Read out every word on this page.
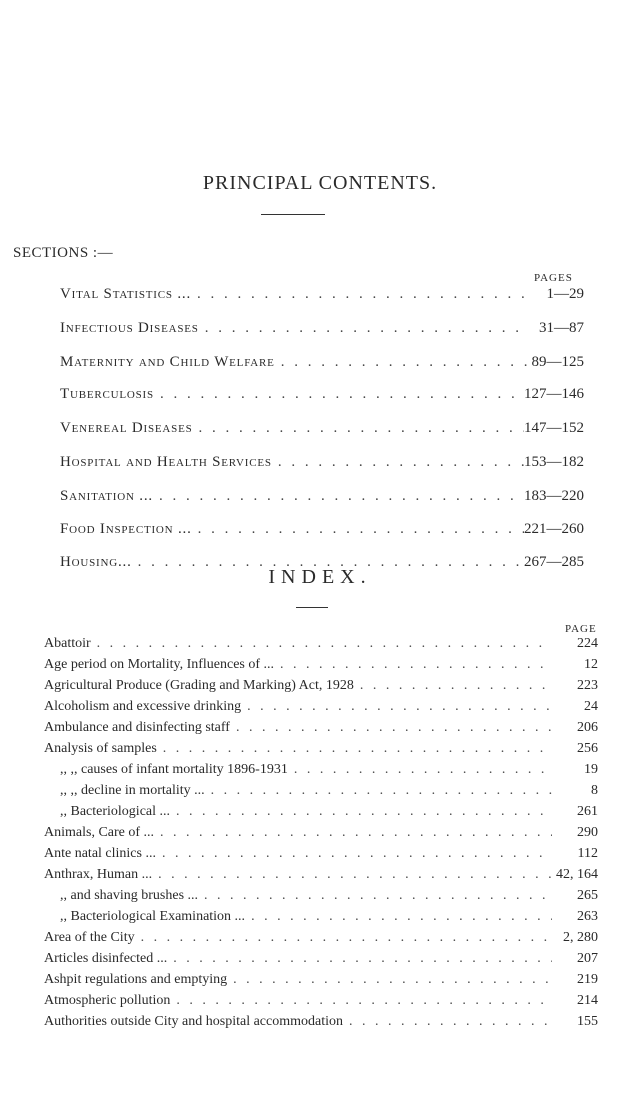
PRINCIPAL CONTENTS.
SECTIONS :—
PAGES
Vital Statistics ... . . .	1—29
Infectious Diseases . . .	31—87
Maternity and Child Welfare . . .	89—125
Tuberculosis . . .	127—146
Venereal Diseases . . .	147—152
Hospital and Health Services . . .	153—182
Sanitation ... . . .	183—220
Food Inspection ... . . .	221—260
Housing... . . .	267—285
INDEX.
PAGE
Abattoir . . .	224
Age period on Mortality, Influences of ... . . .	12
Agricultural Produce (Grading and Marking) Act, 1928 . . .	223
Alcoholism and excessive drinking . . .	24
Ambulance and disinfecting staff . . .	206
Analysis of samples . . .	256
,, ,, causes of infant mortality 1896-1931 . . .	19
,, ,, decline in mortality ... . . .	8
,, Bacteriological ... . . .	261
Animals, Care of ... . . .	290
Ante natal clinics ... . . .	112
Anthrax, Human ... . . .	42, 164
,, and shaving brushes ... . . .	265
,, Bacteriological Examination ... . . .	263
Area of the City . . .	2, 280
Articles disinfected ... . . .	207
Ashpit regulations and emptying . . .	219
Atmospheric pollution . . .	214
Authorities outside City and hospital accommodation . . .	155
